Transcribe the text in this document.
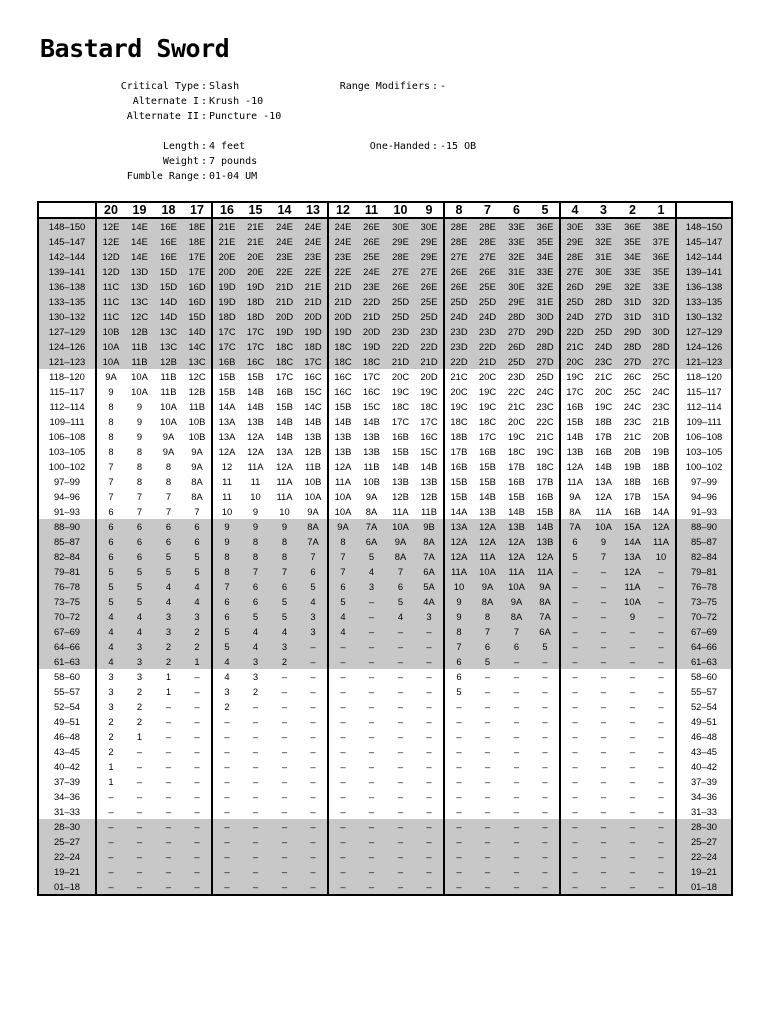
Bastard Sword
Critical Type : Slash
Alternate I : Krush -10
Alternate II : Puncture -10
Range Modifiers : -
Length : 4 feet
Weight : 7 pounds
Fumble Range : 01-04 UM
One-Handed : -15 OB
	20	19	18	17	16	15	14	13	12	11	10	9	8	7	6	5	4	3	2	1	
148–150	12E	14E	16E	18E	21E	21E	24E	24E	24E	26E	30E	30E	28E	28E	33E	36E	30E	33E	36E	38E	148–150
145–147	12E	14E	16E	18E	21E	21E	24E	24E	24E	26E	29E	29E	28E	28E	33E	35E	29E	32E	35E	37E	145–147
142–144	12D	14E	16E	17E	20E	20E	23E	23E	23E	25E	28E	29E	27E	27E	32E	34E	28E	31E	34E	36E	142–144
139–141	12D	13D	15D	17E	20D	20E	22E	22E	22E	24E	27E	27E	26E	26E	31E	33E	27E	30E	33E	35E	139–141
136–138	11C	13D	15D	16D	19D	19D	21D	21E	21D	23E	26E	26E	26E	25E	30E	32E	26D	29E	32E	33E	136–138
133–135	11C	13C	14D	16D	19D	18D	21D	21D	21D	22D	25D	25E	25D	25D	29E	31E	25D	28D	31D	32D	133–135
130–132	11C	12C	14D	15D	18D	18D	20D	20D	20D	21D	25D	25D	24D	24D	28D	30D	24D	27D	31D	31D	130–132
127–129	10B	12B	13C	14D	17C	17C	19D	19D	19D	20D	23D	23D	23D	23D	27D	29D	22D	25D	29D	30D	127–129
124–126	10A	11B	13C	14C	17C	17C	18C	18D	18C	19D	22D	22D	23D	22D	26D	28D	21C	24D	28D	28D	124–126
121–123	10A	11B	12B	13C	16B	16C	18C	17C	18C	18C	21D	21D	22D	21D	25D	27D	20C	23C	27D	27C	121–123
118–120	9A	10A	11B	12C	15B	15B	17C	16C	16C	17C	20C	20D	21C	20C	23D	25D	19C	21C	26C	25C	118–120
115–117	9	10A	11B	12B	15B	14B	16B	15C	16C	16C	19C	19C	20C	19C	22C	24C	17C	20C	25C	24C	115–117
112–114	8	9	10A	11B	14A	14B	15B	14C	15B	15C	18C	18C	19C	19C	21C	23C	16B	19C	24C	23C	112–114
109–111	8	9	10A	10B	13A	13B	14B	14B	14B	14B	17C	17C	18C	18C	20C	22C	15B	18B	23C	21B	109–111
106–108	8	9	9A	10B	13A	12A	14B	13B	13B	13B	16B	16C	18B	17C	19C	21C	14B	17B	21C	20B	106–108
103–105	8	8	9A	9A	12A	12A	13A	12B	13B	13B	15B	15C	17B	16B	18C	19C	13B	16B	20B	19B	103–105
100–102	7	8	8	9A	12	11A	12A	11B	12A	11B	14B	14B	16B	15B	17B	18C	12A	14B	19B	18B	100–102
97–99	7	8	8	8A	11	11	11A	10B	11A	10B	13B	13B	15B	15B	16B	17B	11A	13A	18B	16B	97–99
94–96	7	7	7	8A	11	10	11A	10A	10A	9A	12B	12B	15B	14B	15B	16B	9A	12A	17B	15A	94–96
91–93	6	7	7	7	10	9	10	9A	10A	8A	11A	11B	14A	13B	14B	15B	8A	11A	16B	14A	91–93
88–90	6	6	6	6	9	9	9	8A	9A	7A	10A	9B	13A	12A	13B	14B	7A	10A	15A	12A	88–90
85–87	6	6	6	6	9	8	8	7A	8	6A	9A	8A	12A	12A	12A	13B	6	9	14A	11A	85–87
82–84	6	6	5	5	8	8	8	7	7	5	8A	7A	12A	11A	12A	12A	5	7	13A	10	82–84
79–81	5	5	5	5	8	7	7	6	7	4	7	6A	11A	10A	11A	11A	–	–	12A	–	79–81
76–78	5	5	4	4	7	6	6	5	6	3	6	5A	10	9A	10A	9A	–	–	11A	–	76–78
73–75	5	5	4	4	6	6	5	4	5	–	5	4A	9	8A	9A	8A	–	–	10A	–	73–75
70–72	4	4	3	3	6	5	5	3	4	–	4	3	9	8	8A	7A	–	–	9	–	70–72
67–69	4	4	3	2	5	4	4	3	4	–	–	–	8	7	7	6A	–	–	–	–	67–69
64–66	4	3	2	2	5	4	3	–	–	–	–	–	7	6	6	5	–	–	–	–	64–66
61–63	4	3	2	1	4	3	2	–	–	–	–	–	6	5	–	–	–	–	–	–	61–63
58–60	3	3	1	–	4	3	–	–	–	–	–	–	6	–	–	–	–	–	–	–	58–60
55–57	3	2	1	–	3	2	–	–	–	–	–	–	5	–	–	–	–	–	–	–	55–57
52–54	3	2	–	–	2	–	–	–	–	–	–	–	–	–	–	–	–	–	–	–	52–54
49–51	2	2	–	–	–	–	–	–	–	–	–	–	–	–	–	–	–	–	–	–	49–51
46–48	2	1	–	–	–	–	–	–	–	–	–	–	–	–	–	–	–	–	–	–	46–48
43–45	2	–	–	–	–	–	–	–	–	–	–	–	–	–	–	–	–	–	–	–	43–45
40–42	1	–	–	–	–	–	–	–	–	–	–	–	–	–	–	–	–	–	–	–	40–42
37–39	1	–	–	–	–	–	–	–	–	–	–	–	–	–	–	–	–	–	–	–	37–39
34–36	–	–	–	–	–	–	–	–	–	–	–	–	–	–	–	–	–	–	–	–	34–36
31–33	–	–	–	–	–	–	–	–	–	–	–	–	–	–	–	–	–	–	–	–	31–33
28–30	–	–	–	–	–	–	–	–	–	–	–	–	–	–	–	–	–	–	–	–	28–30
25–27	–	–	–	–	–	–	–	–	–	–	–	–	–	–	–	–	–	–	–	–	25–27
22–24	–	–	–	–	–	–	–	–	–	–	–	–	–	–	–	–	–	–	–	–	22–24
19–21	–	–	–	–	–	–	–	–	–	–	–	–	–	–	–	–	–	–	–	–	19–21
01–18	–	–	–	–	–	–	–	–	–	–	–	–	–	–	–	–	–	–	–	–	01–18
